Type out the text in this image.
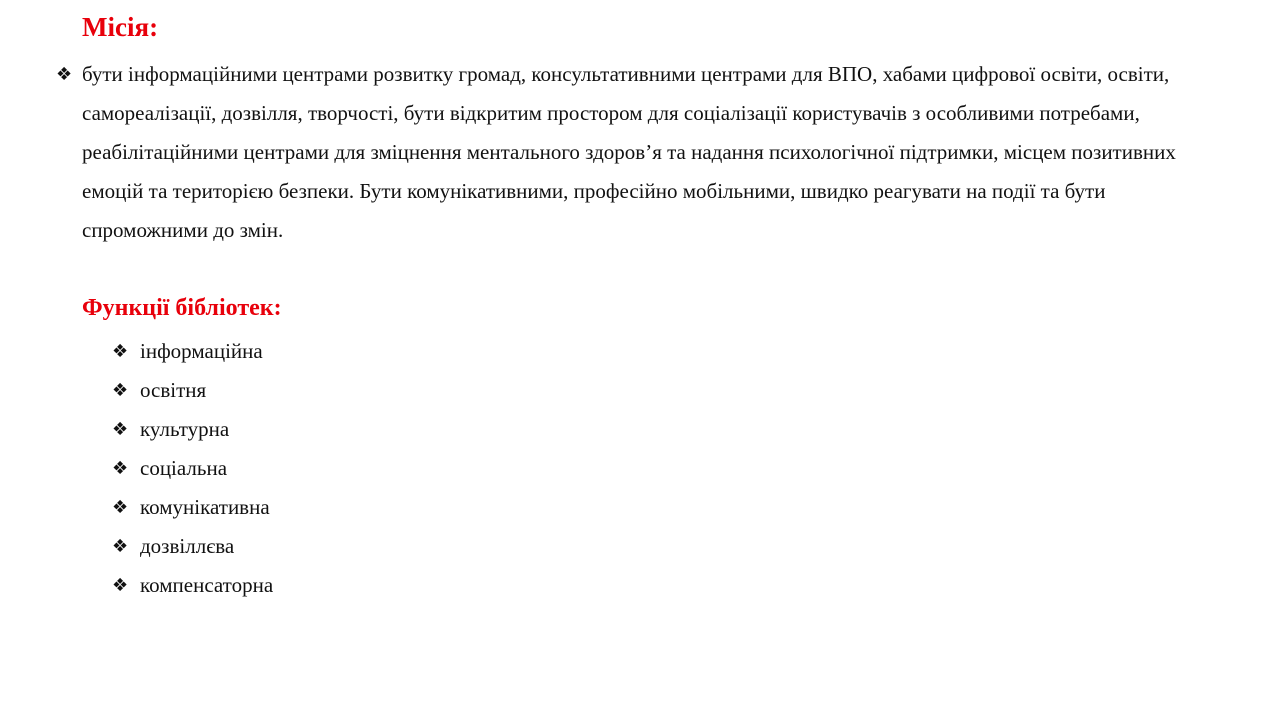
Місія:
❖ бути інформаційними центрами розвитку громад, консультативними центрами для ВПО, хабами цифрової освіти, освіти, самореалізації, дозвілля, творчості, бути відкритим простором для соціалізації користувачів з особливими потребами, реабілітаційними центрами для зміцнення ментального здоров’я та надання психологічної підтримки, місцем позитивних емоцій та територією безпеки. Бути комунікативними, професійно мобільними, швидко реагувати на події та бути спроможними до змін.

Функції бібліотек:
❖ інформаційна
❖ освітня
❖ культурна
❖ соціальна
❖ комунікативна
❖ дозвіллєва
❖ компенсаторна
